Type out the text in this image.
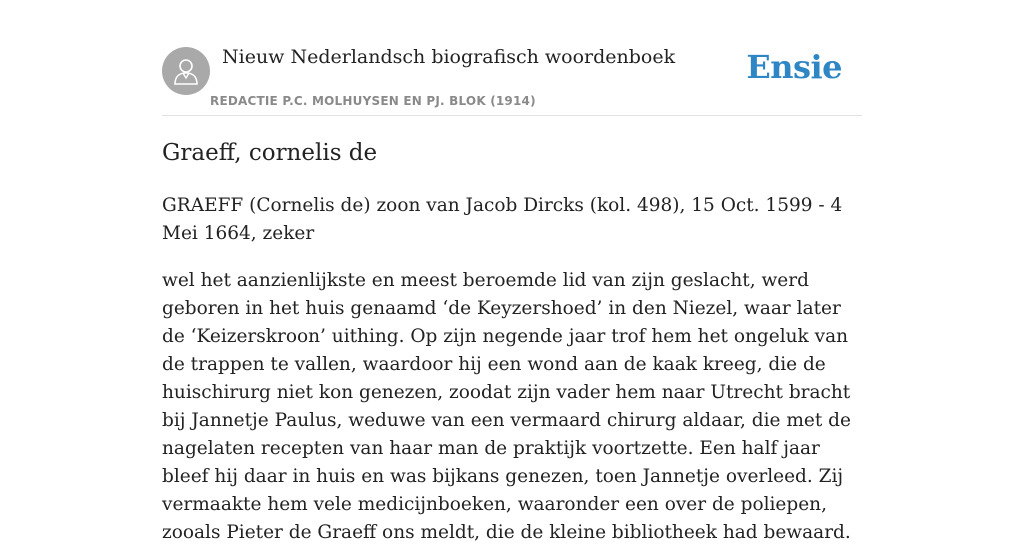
Nieuw Nederlandsch biografisch woordenboek
REDACTIE P.C. MOLHUYSEN EN PJ. BLOK (1914)
Ensie
Graeff, cornelis de

GRAEFF (Cornelis de) zoon van Jacob Dircks (kol. 498), 15 Oct. 1599 - 4 Mei 1664, zeker

wel het aanzienlijkste en meest beroemde lid van zijn geslacht, werd geboren in het huis genaamd ‘de Keyzershoed’ in den Niezel, waar later de ‘Keizerskroon’ uithing. Op zijn negende jaar trof hem het ongeluk van de trappen te vallen, waardoor hij een wond aan de kaak kreeg, die de huischirurg niet kon genezen, zoodat zijn vader hem naar Utrecht bracht bij Jannetje Paulus, weduwe van een vermaard chirurg aldaar, die met de nagelaten recepten van haar man de praktijk voortzette. Een half jaar bleef hij daar in huis en was bijkans genezen, toen Jannetje overleed. Zij vermaakte hem vele medicijnboeken, waaronder een over de poliepen, zooals Pieter de Graeff ons meldt, die de kleine bibliotheek had bewaard.
